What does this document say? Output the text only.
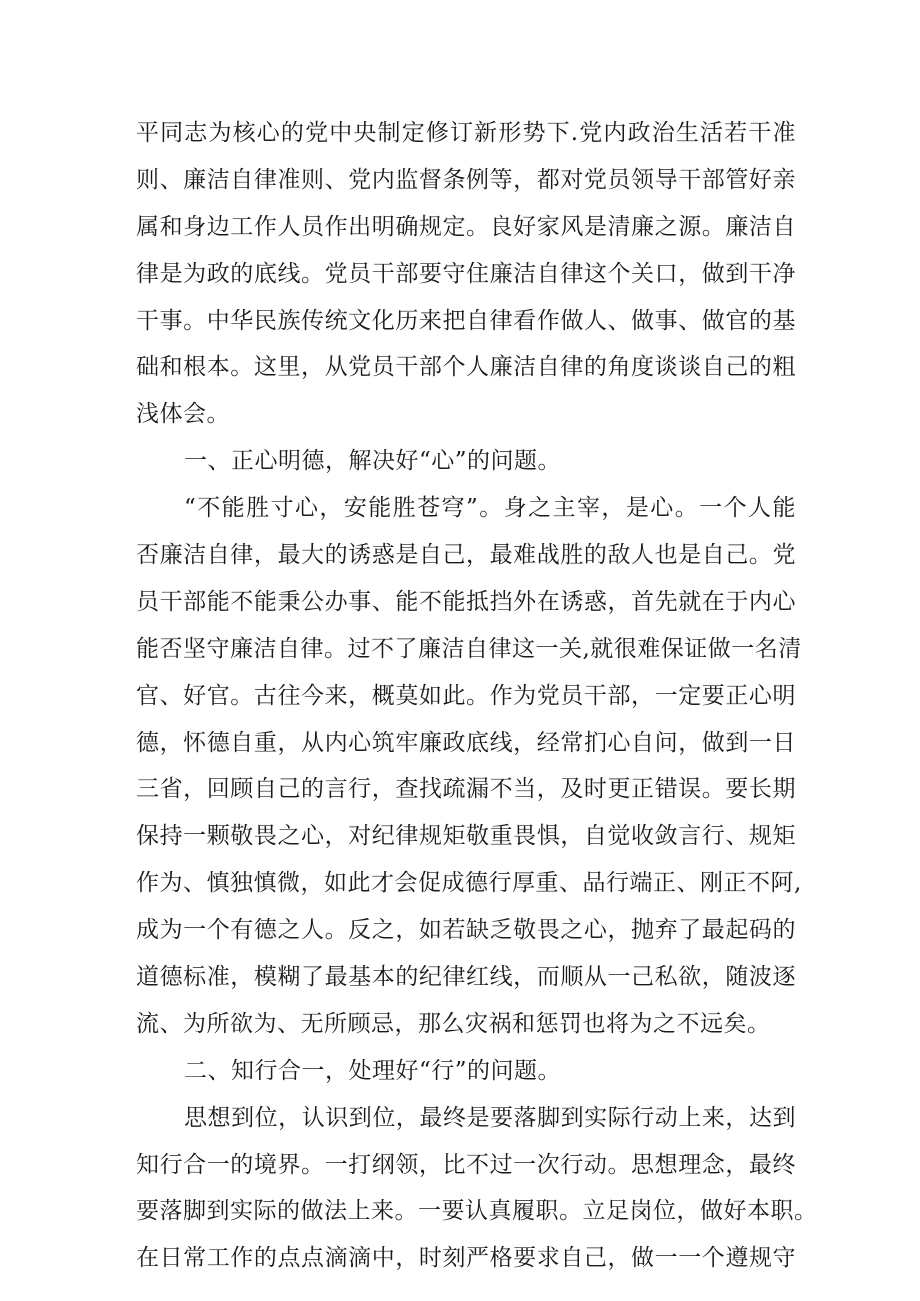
平同志为核心的党中央制定修订新形势下.党内政治生活若干准
则、廉洁自律准则、党内监督条例等，都对党员领导干部管好亲
属和身边工作人员作出明确规定。良好家风是清廉之源。廉洁自
律是为政的底线。党员干部要守住廉洁自律这个关口，做到干净
干事。中华民族传统文化历来把自律看作做人、做事、做官的基
础和根本。这里，从党员干部个人廉洁自律的角度谈谈自己的粗
浅体会。
一、正心明德，解决好“心”的问题。
“不能胜寸心，安能胜苍穹”。身之主宰，是心。一个人能
否廉洁自律，最大的诱惑是自己，最难战胜的敌人也是自己。党
员干部能不能秉公办事、能不能抵挡外在诱惑，首先就在于内心
能否坚守廉洁自律。过不了廉洁自律这一关,就很难保证做一名清
官、好官。古往今来，概莫如此。作为党员干部，一定要正心明
德，怀德自重，从内心筑牢廉政底线，经常扪心自问，做到一日
三省，回顾自己的言行，查找疏漏不当，及时更正错误。要长期
保持一颗敬畏之心，对纪律规矩敬重畏惧，自觉收敛言行、规矩
作为、慎独慎微，如此才会促成德行厚重、品行端正、刚正不阿,
成为一个有德之人。反之，如若缺乏敬畏之心，抛弃了最起码的
道德标准，模糊了最基本的纪律红线，而顺从一己私欲，随波逐
流、为所欲为、无所顾忌，那么灾祸和惩罚也将为之不远矣。
二、知行合一，处理好“行”的问题。
思想到位，认识到位，最终是要落脚到实际行动上来，达到
知行合一的境界。一打纲领，比不过一次行动。思想理念，最终
要落脚到实际的做法上来。一要认真履职。立足岗位，做好本职。
在日常工作的点点滴滴中，时刻严格要求自己，做一一个遵规守
